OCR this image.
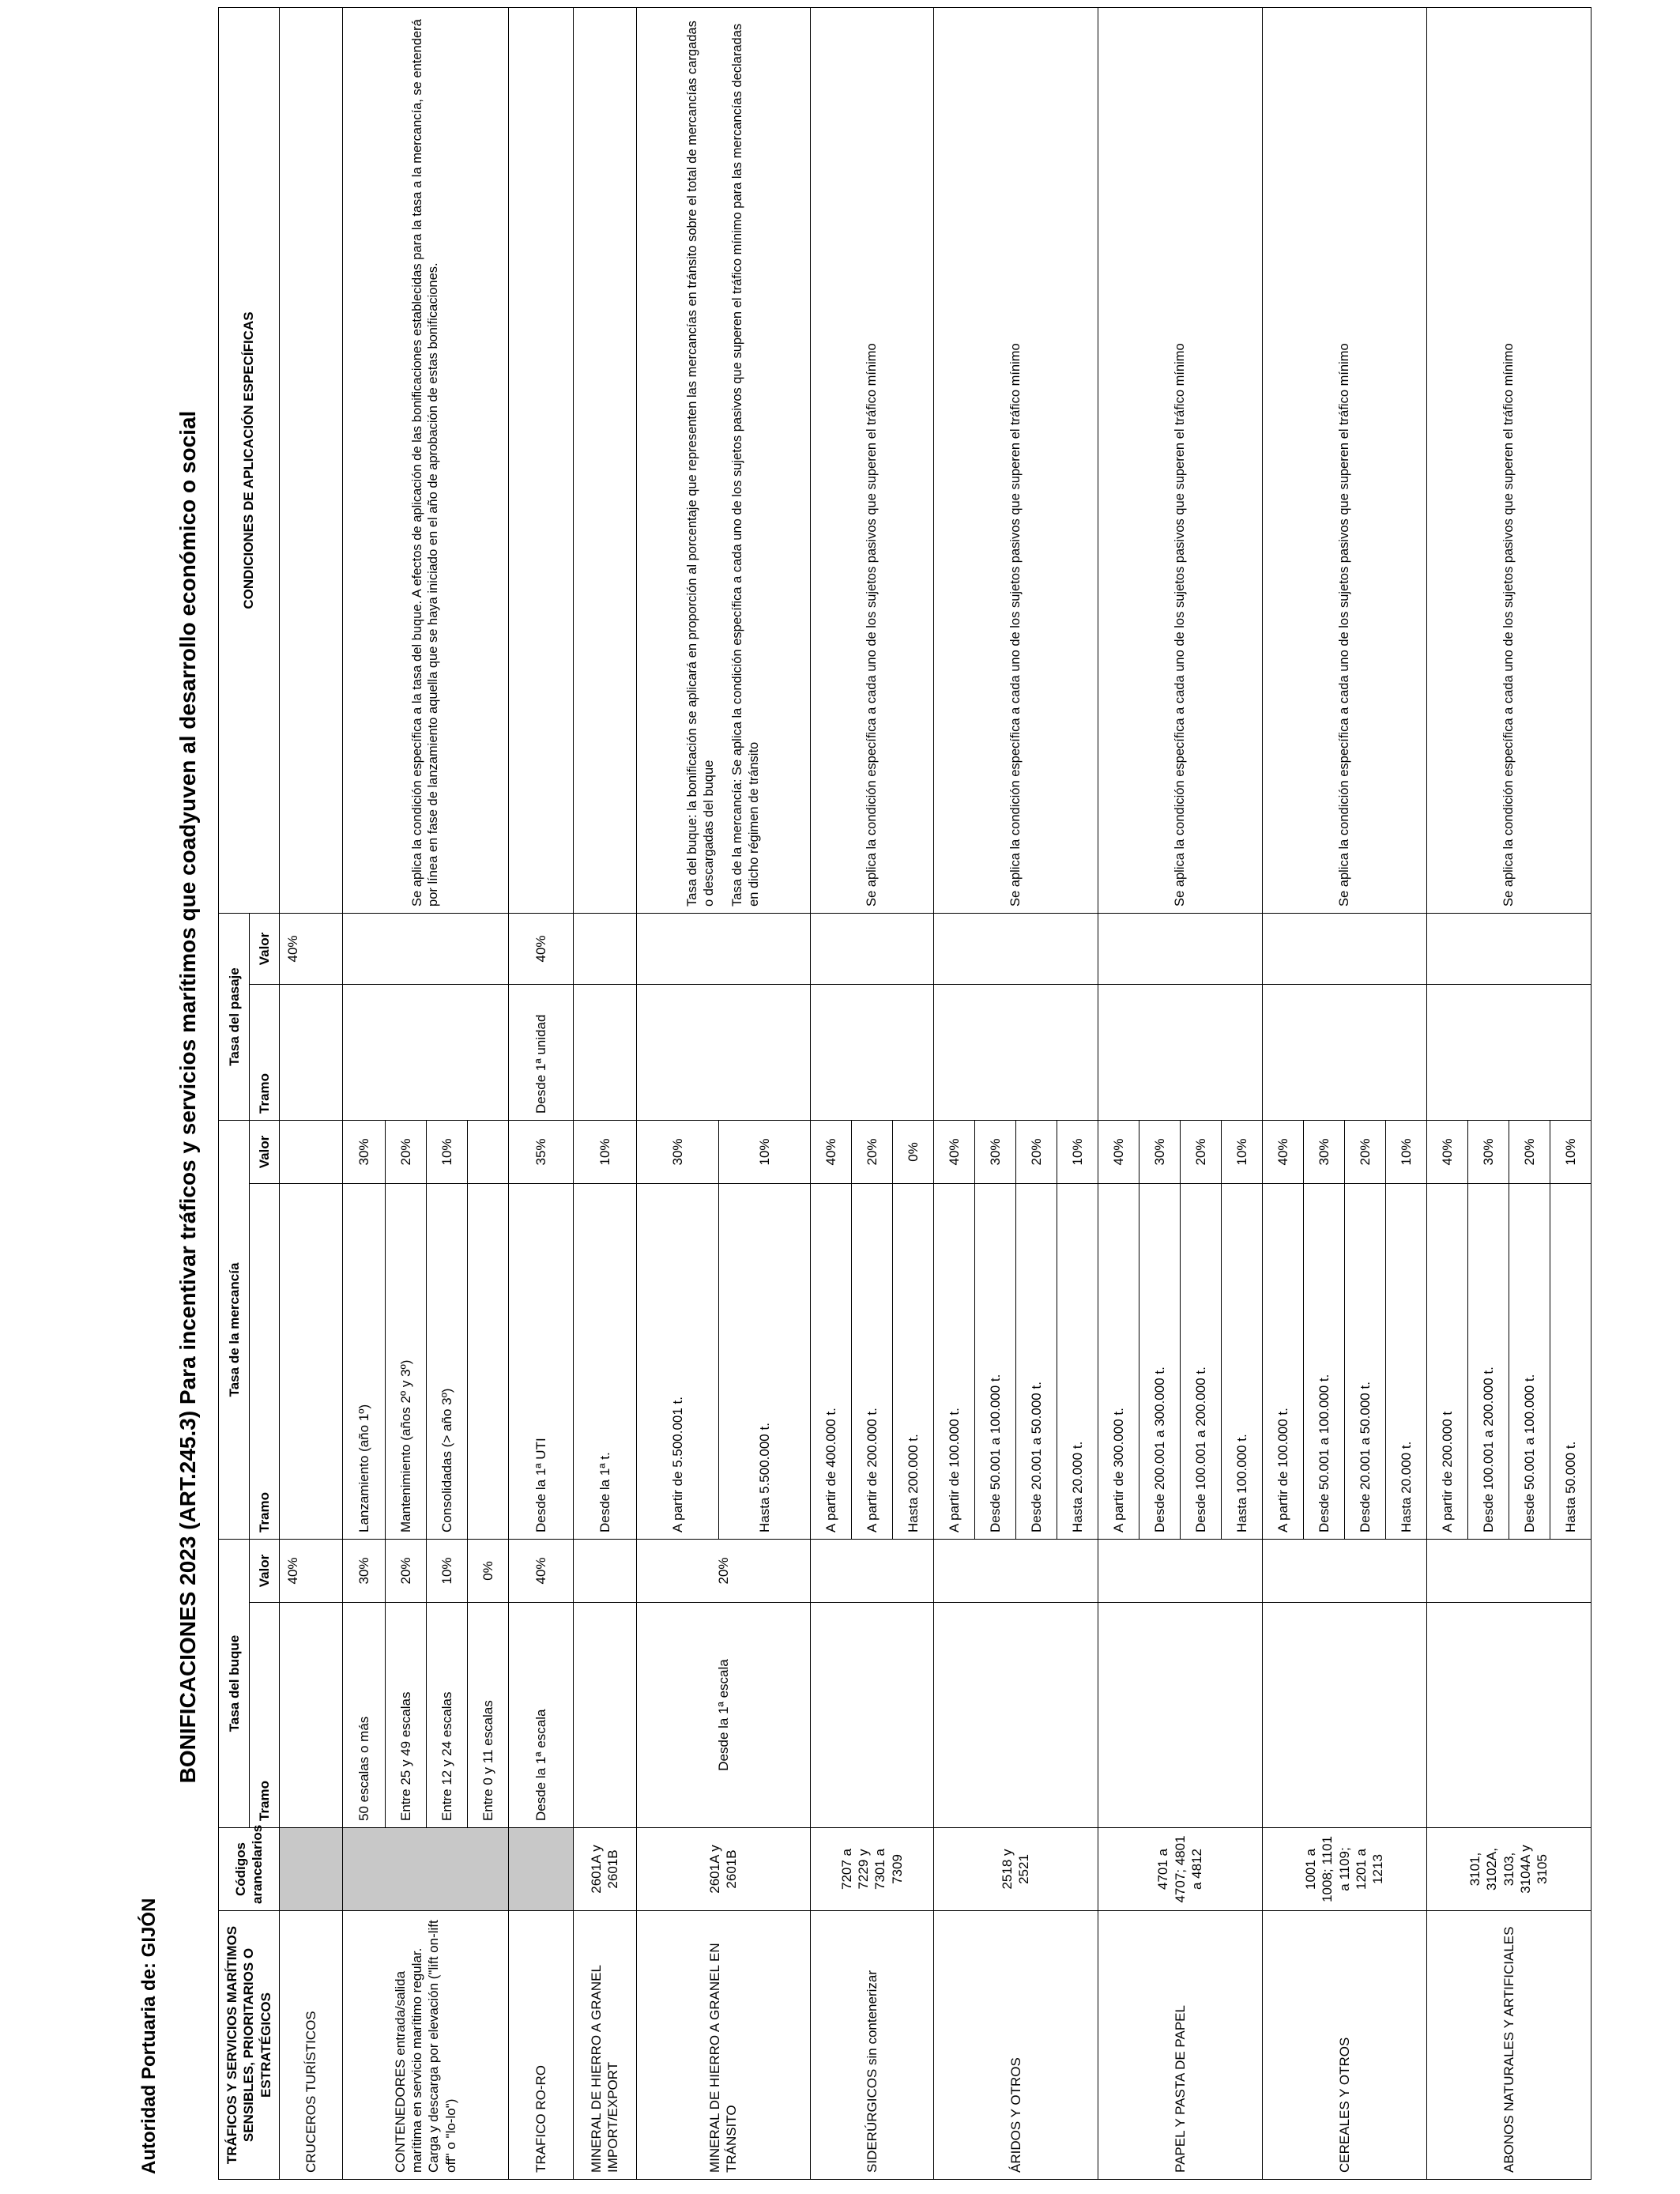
Autoridad Portuaria de: GIJÓN
BONIFICACIONES 2023 (ART.245.3) Para incentivar tráficos y servicios marítimos que coadyuven al desarrollo económico o social
TRÁFICOS Y SERVICIOS MARÍTIMOS SENSIBLES, PRIORITARIOS O ESTRATÉGICOS	Códigos arancelarios	Tasa del buque		Tasa de la mercancía		Tasa del pasaje		CONDICIONES DE APLICACIÓN ESPECÍFICAS
		Tramo	Valor	Tramo	Valor	Tramo	Valor	
CRUCEROS TURÍSTICOS			40%				40%	
CONTENEDORES entrada/salida marítima en servicio marítimo regular. Carga y descarga por elevación ("lift on-lift off" o "lo-lo")		50 escalas o más	30%	Lanzamiento (año 1º)	30%			Se aplica la condición específica a la tasa del buque. A efectos de aplicación de las bonificaciones establecidas para la tasa a la mercancía, se entenderá por línea en fase de lanzamiento aquella que se haya iniciado en el año de aprobación de estas bonificaciones.
		Entre 25 y 49 escalas	20%	Mantenimiento (años 2º y 3º)	20%			
		Entre 12 y 24 escalas	10%	Consolidadas (> año 3º)	10%			
		Entre 0 y 11 escalas	0%					
TRAFICO RO-RO		Desde la 1ª escala	40%	Desde la 1ª UTI	35%	Desde 1ª unidad	40%	
MINERAL DE HIERRO A GRANEL IMPORT/EXPORT	2601A y 2601B			Desde la 1ª t.	10%			
MINERAL DE HIERRO A GRANEL EN TRÁNSITO	2601A y 2601B	Desde la 1ª escala	20%	A partir de 5.500.001 t.	30%			Tasa del buque: la bonificación se aplicará en proporción al porcentaje que representen las mercancías en tránsito sobre el total de mercancías cargadas o descargadas del buque Tasa de la mercancía: Se aplica la condición específica a cada uno de los sujetos pasivos que superen el tráfico mínimo para las mercancías declaradas en dicho régimen de tránsito

				Hasta 5.500.000 t.	10%			
SIDERÚRGICOS sin contenerizar	7207 a 7229 y 7301 a 7309			A partir de 400.000 t.	40%			Se aplica la condición específica a cada uno de los sujetos pasivos que superen el tráfico mínimo
				A partir de 200.000 t.	20%			
				Hasta 200.000 t.	0%			
ÁRIDOS Y OTROS	2518 y 2521			A partir de 100.000 t.	40%			Se aplica la condición específica a cada uno de los sujetos pasivos que superen el tráfico mínimo
				Desde 50.001 a 100.000 t.	30%			
				Desde 20.001 a 50.000 t.	20%			
				Hasta 20.000 t.	10%			
PAPEL Y PASTA DE PAPEL	4701 a 4707; 4801 a 4812			A partir de 300.000 t.	40%			Se aplica la condición específica a cada uno de los sujetos pasivos que superen el tráfico mínimo
				Desde 200.001 a 300.000 t.	30%			
				Desde 100.001 a 200.000 t.	20%			
				Hasta 100.000 t.	10%			
CEREALES Y OTROS	1001 a 1008; 1101 a 1109; 1201 a 1213			A partir de 100.000 t.	40%			Se aplica la condición específica a cada uno de los sujetos pasivos que superen el tráfico mínimo
				Desde 50.001 a 100.000 t.	30%			
				Desde 20.001 a 50.000 t.	20%			
				Hasta 20.000 t.	10%			
ABONOS NATURALES Y ARTIFICIALES	3101, 3102A, 3103, 3104A y 3105			A partir de 200.000 t	40%			Se aplica la condición específica a cada uno de los sujetos pasivos que superen el tráfico mínimo
				Desde 100.001 a 200.000 t.	30%			
				Desde 50.001 a 100.000 t.	20%			
				Hasta 50.000 t.	10%			
